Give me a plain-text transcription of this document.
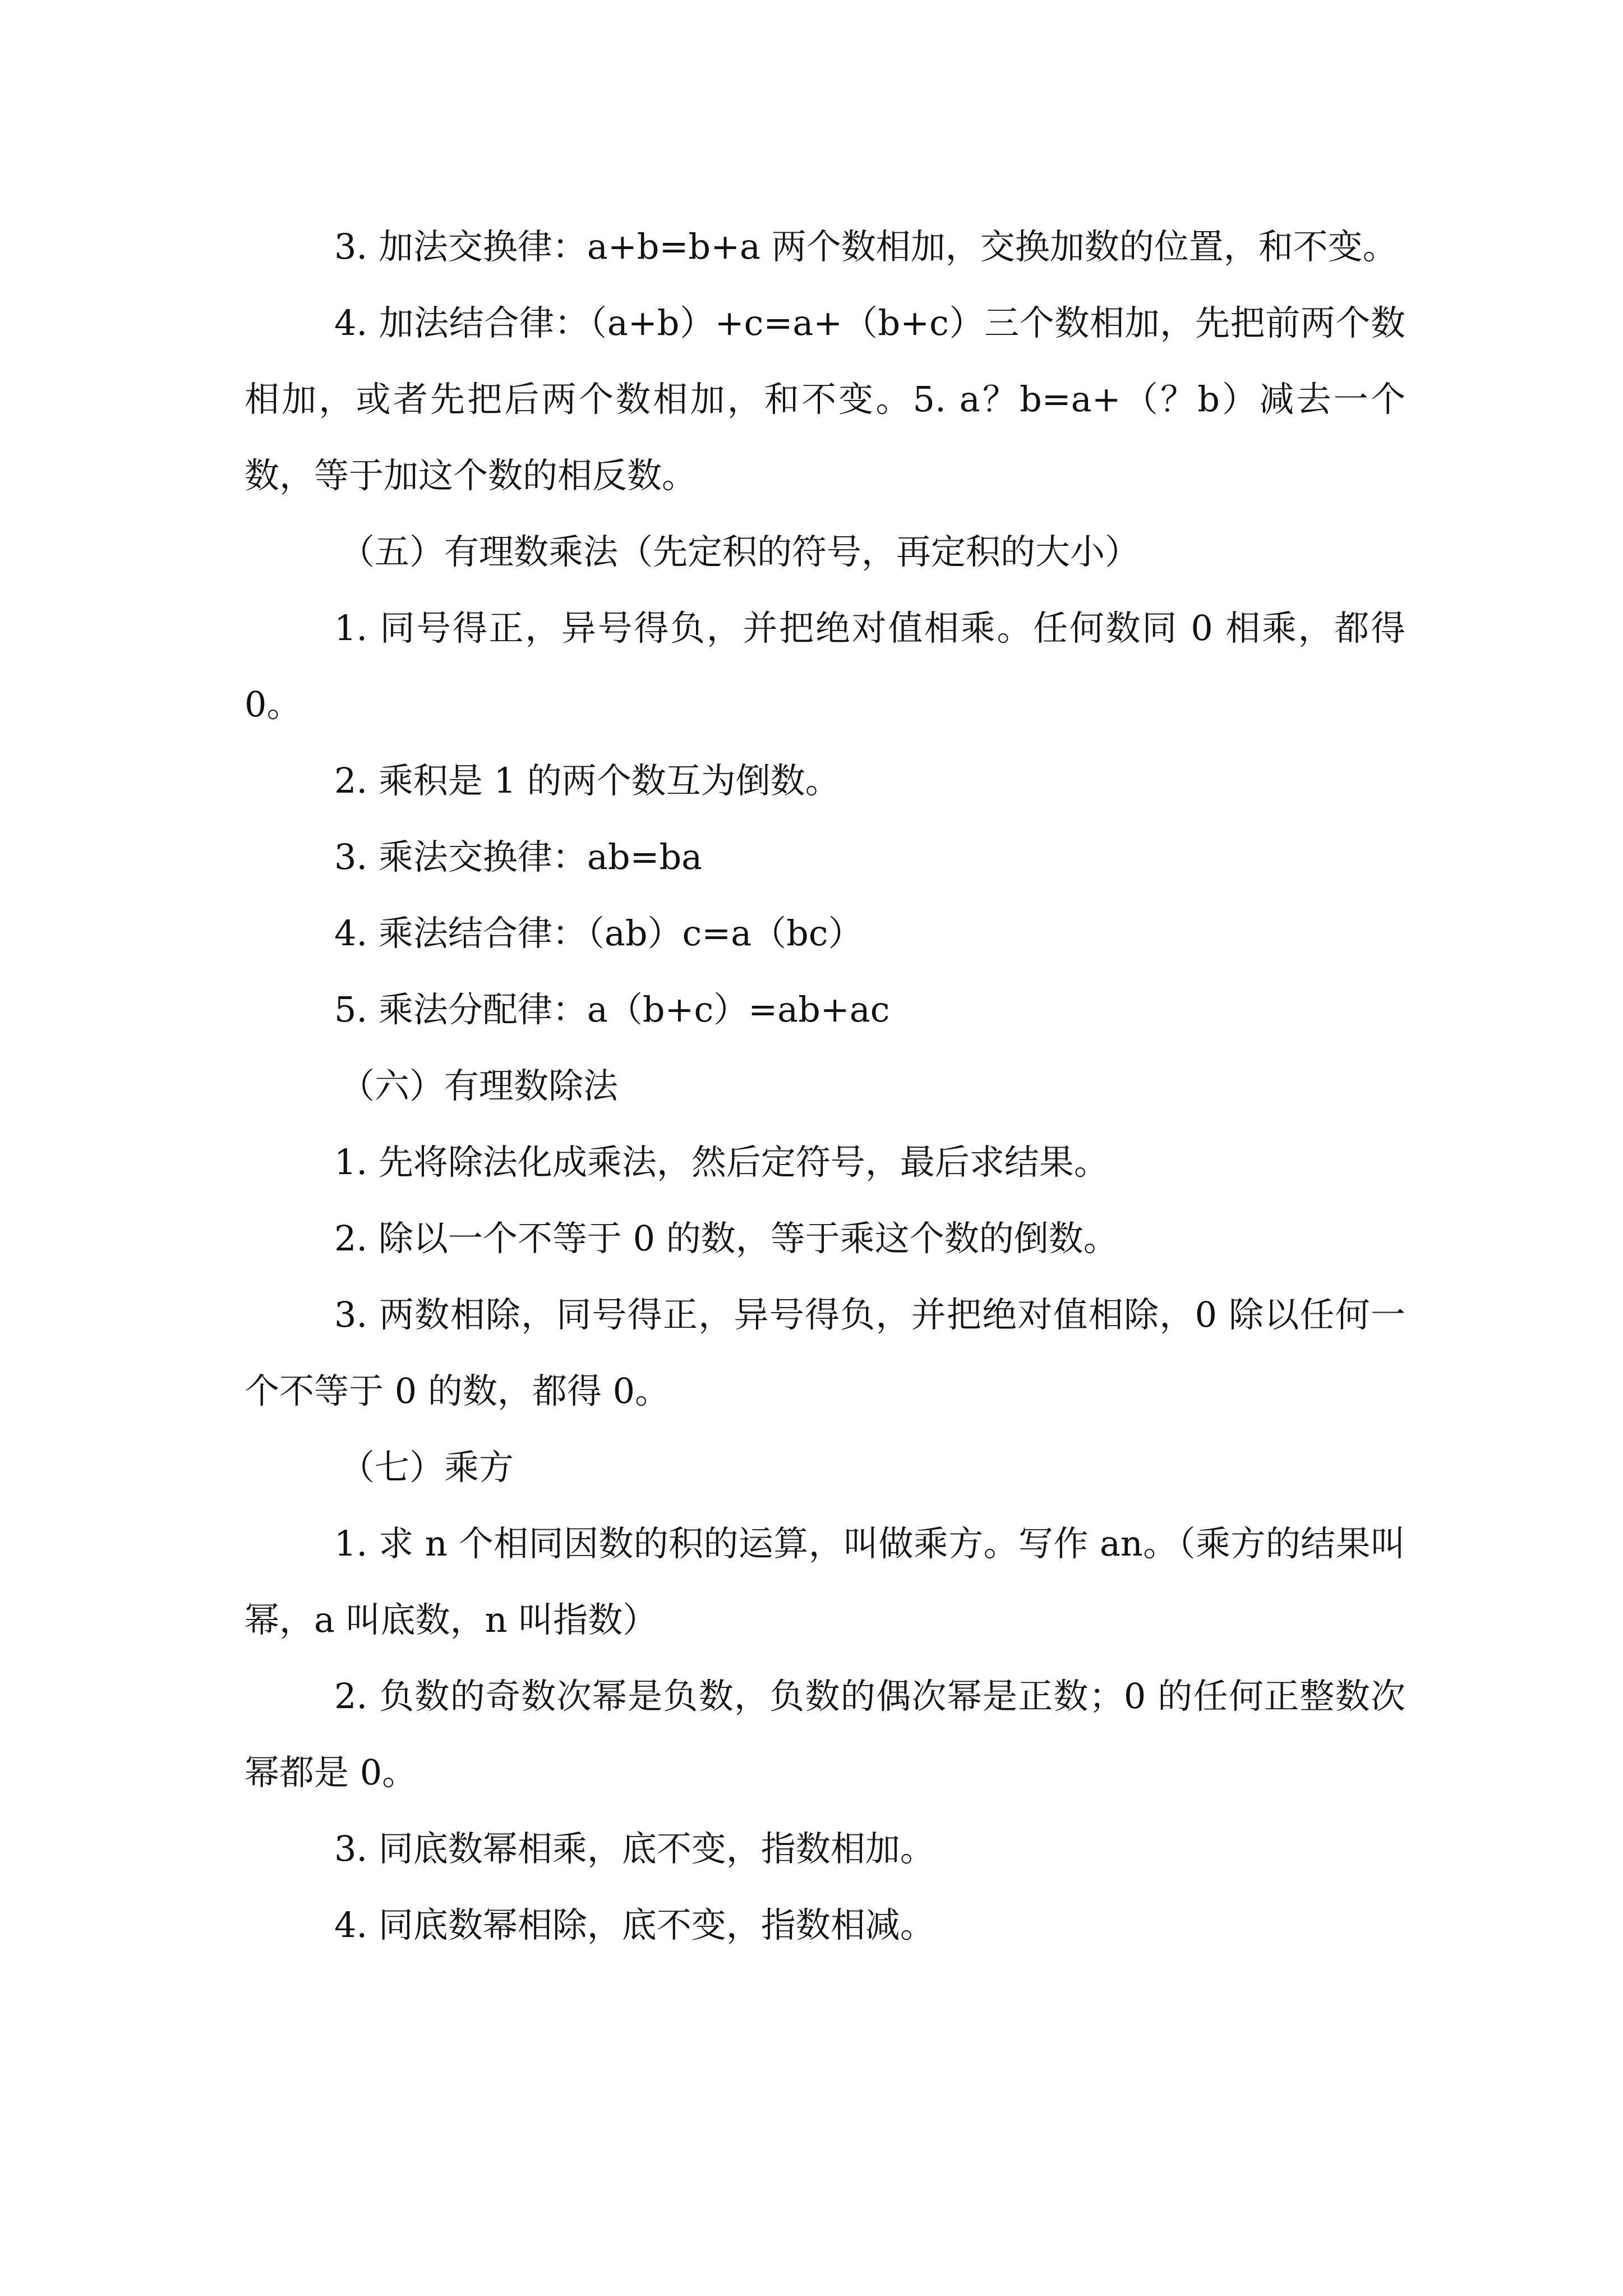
3. 加法交换律：a+b=b+a 两个数相加，交换加数的位置，和不变。

4. 加法结合律：（a+b）+c=a+（b+c）三个数相加，先把前两个数相加，或者先把后两个数相加，和不变。5. a？b=a+（？b）减去一个数，等于加这个数的相反数。

（五）有理数乘法（先定积的符号，再定积的大小）

1. 同号得正，异号得负，并把绝对值相乘。任何数同 0 相乘，都得 0。

2. 乘积是 1 的两个数互为倒数。

3. 乘法交换律：ab=ba

4. 乘法结合律：（ab）c=a（bc）

5. 乘法分配律：a（b+c）=ab+ac

（六）有理数除法

1. 先将除法化成乘法，然后定符号，最后求结果。

2. 除以一个不等于 0 的数，等于乘这个数的倒数。

3. 两数相除，同号得正，异号得负，并把绝对值相除，0 除以任何一个不等于 0 的数，都得 0。

（七）乘方

1. 求 n 个相同因数的积的运算，叫做乘方。写作 an。（乘方的结果叫幂，a 叫底数，n 叫指数）

2. 负数的奇数次幂是负数，负数的偶次幂是正数；0 的任何正整数次幂都是 0。

3. 同底数幂相乘，底不变，指数相加。

4. 同底数幂相除，底不变，指数相减。
